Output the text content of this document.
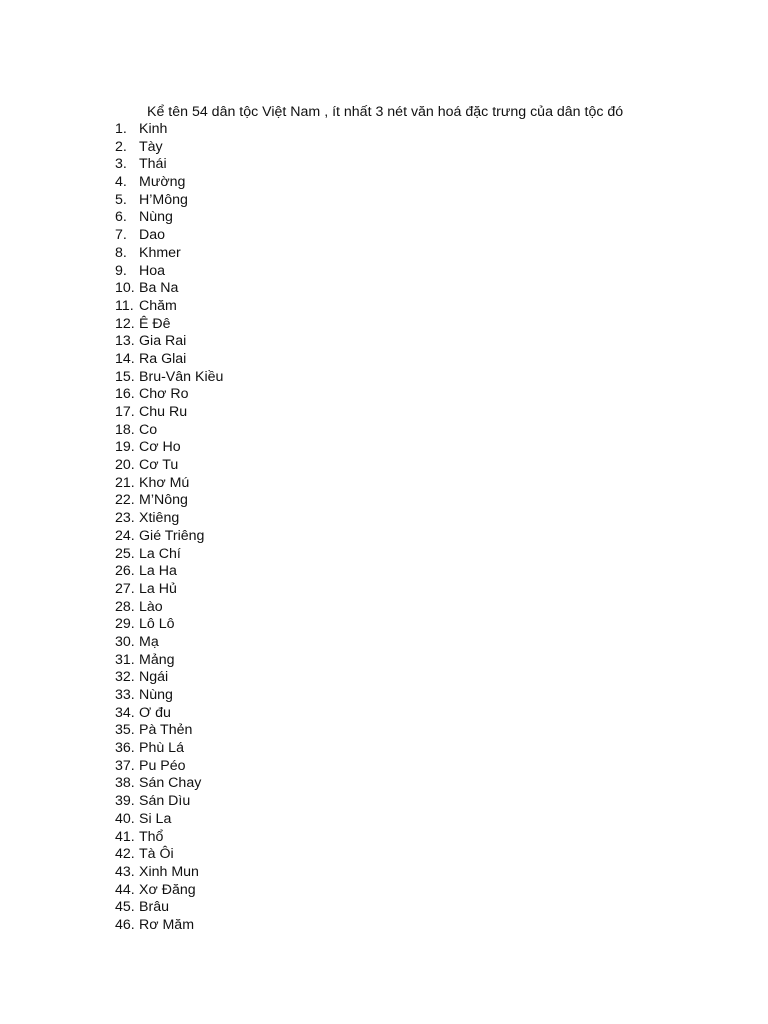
Kể tên 54 dân tộc Việt Nam , ít nhất 3 nét văn hoá đặc trưng của dân tộc đó

1. Kinh
2. Tày
3. Thái
4. Mường
5. H’Mông
6. Nùng
7. Dao
8. Khmer
9. Hoa
10. Ba Na
11. Chăm
12. Ê Đê
13. Gia Rai
14. Ra Glai
15. Bru-Vân Kiều
16. Chơ Ro
17. Chu Ru
18. Co
19. Cơ Ho
20. Cơ Tu
21. Khơ Mú
22. M’Nông
23. Xtiêng
24. Gié Triêng
25. La Chí
26. La Ha
27. La Hủ
28. Lào
29. Lô Lô
30. Mạ
31. Mảng
32. Ngái
33. Nùng
34. Ơ đu
35. Pà Thẻn
36. Phù Lá
37. Pu Péo
38. Sán Chay
39. Sán Dìu
40. Si La
41. Thổ
42. Tà Ôi
43. Xinh Mun
44. Xơ Đăng
45. Brâu
46. Rơ Măm
